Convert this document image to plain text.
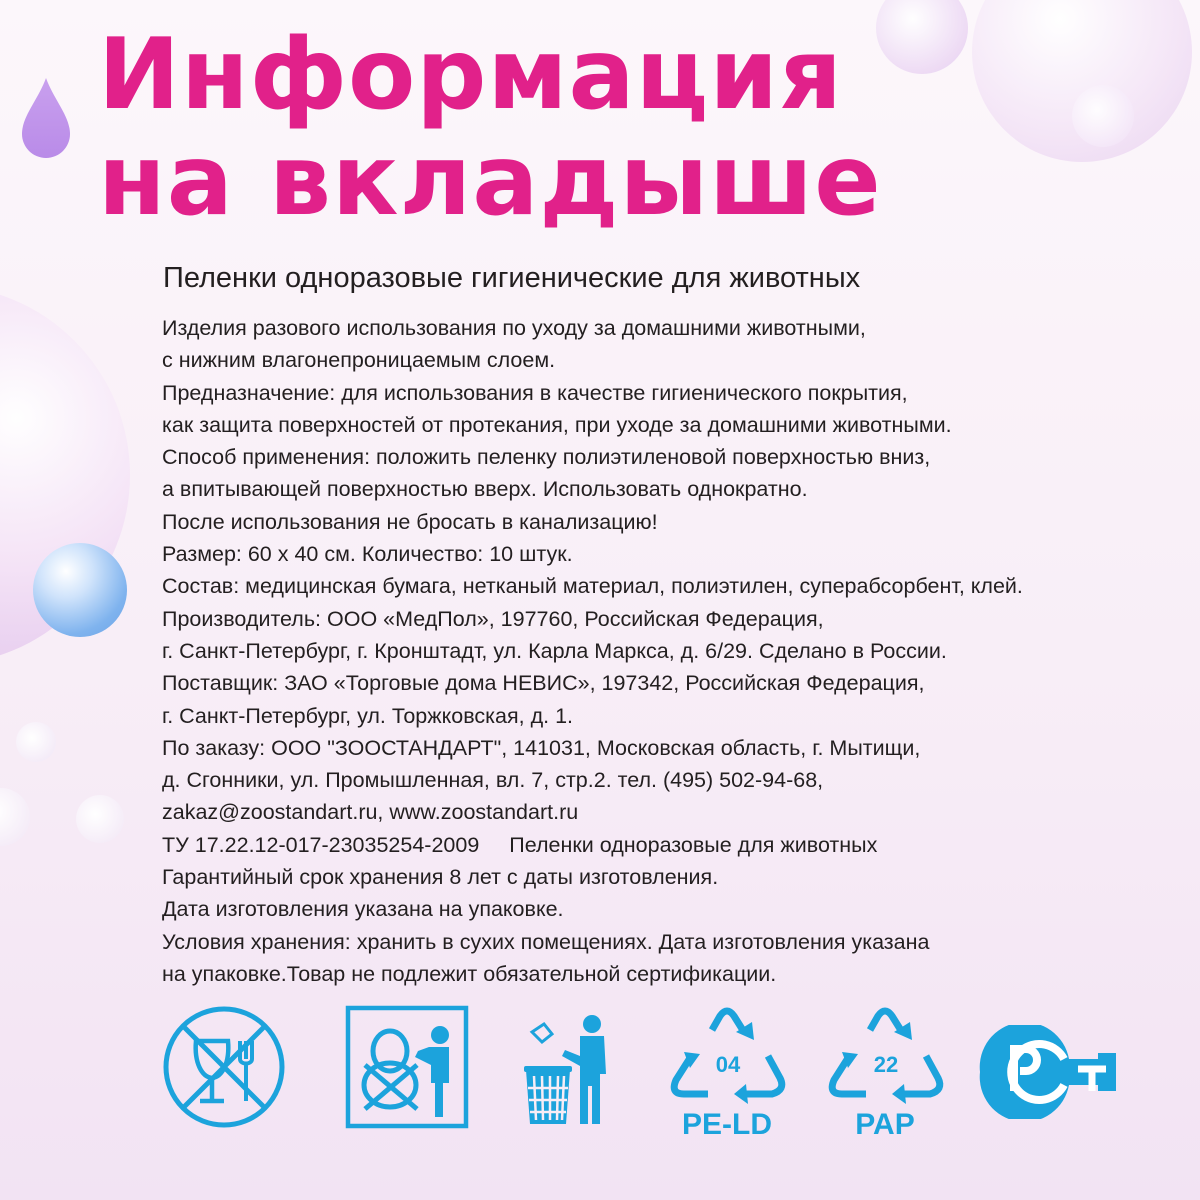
Информация
на вкладыше
Пеленки одноразовые гигиенические для животных
Изделия разового использования по уходу за домашними животными,
с нижним влагонепроницаемым слоем.
Предназначение: для использования в качестве гигиенического покрытия,
как защита поверхностей от протекания, при уходе за домашними животными.
Способ применения: положить пеленку полиэтиленовой поверхностью вниз,
а впитывающей поверхностью вверх. Использовать однократно.
После использования не бросать в канализацию!
Размер: 60 х 40 см. Количество: 10 штук.
Состав: медицинская бумага, нетканый материал, полиэтилен, суперабсорбент, клей.
Производитель: ООО «МедПол», 197760, Российская Федерация,
г. Санкт-Петербург, г. Кронштадт, ул. Карла Маркса, д. 6/29. Сделано в России.
Поставщик: ЗАО «Торговые дома НЕВИС», 197342, Российская Федерация,
г. Санкт-Петербург, ул. Торжковская, д. 1.
По заказу: ООО "ЗООСТАНДАРТ", 141031, Московская область, г. Мытищи,
д. Сгонники, ул. Промышленная, вл. 7, стр.2. тел. (495) 502-94-68,
zakaz@zoostandart.ru, www.zoostandart.ru
ТУ 17.22.12-017-23035254-2009 Пеленки одноразовые для животных
Гарантийный срок хранения 8 лет с даты изготовления.
Дата изготовления указана на упаковке.
Условия хранения: хранить в сухих помещениях. Дата изготовления указана
на упаковке.Товар не подлежит обязательной сертификации.
04
PE-LD
22
PAP
